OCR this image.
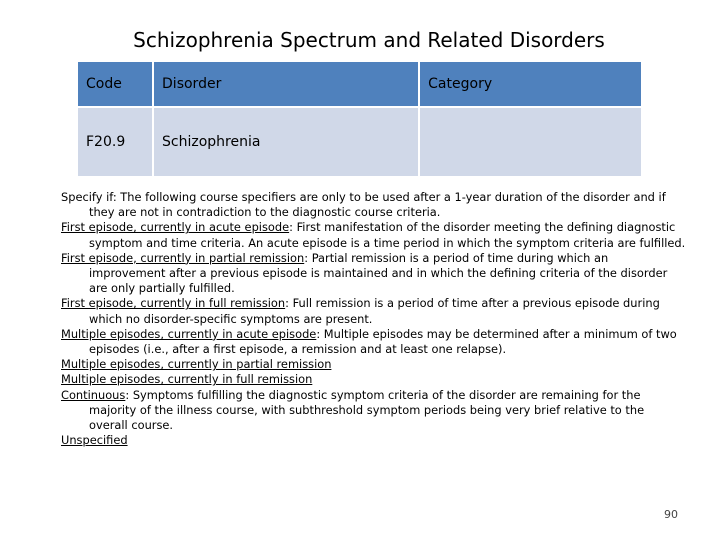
Schizophrenia Spectrum and Related Disorders
Code	Disorder	Category
F20.9	Schizophrenia	

Specify if: The following course specifiers are only to be used after a 1-year duration of the disorder and if they are not in contradiction to the diagnostic course criteria.

First episode, currently in acute episode: First manifestation of the disorder meeting the defining diagnostic symptom and time criteria. An acute episode is a time period in which the symptom criteria are fulfilled.

First episode, currently in partial remission: Partial remission is a period of time during which an improvement after a previous episode is maintained and in which the defining criteria of the disorder are only partially fulfilled.

First episode, currently in full remission: Full remission is a period of time after a previous episode during which no disorder-specific symptoms are present.

Multiple episodes, currently in acute episode: Multiple episodes may be determined after a minimum of two episodes (i.e., after a first episode, a remission and at least one relapse).

Multiple episodes, currently in partial remission

Multiple episodes, currently in full remission

Continuous: Symptoms fulfilling the diagnostic symptom criteria of the disorder are remaining for the majority of the illness course, with subthreshold symptom periods being very brief relative to the overall course.

Unspecified

90
